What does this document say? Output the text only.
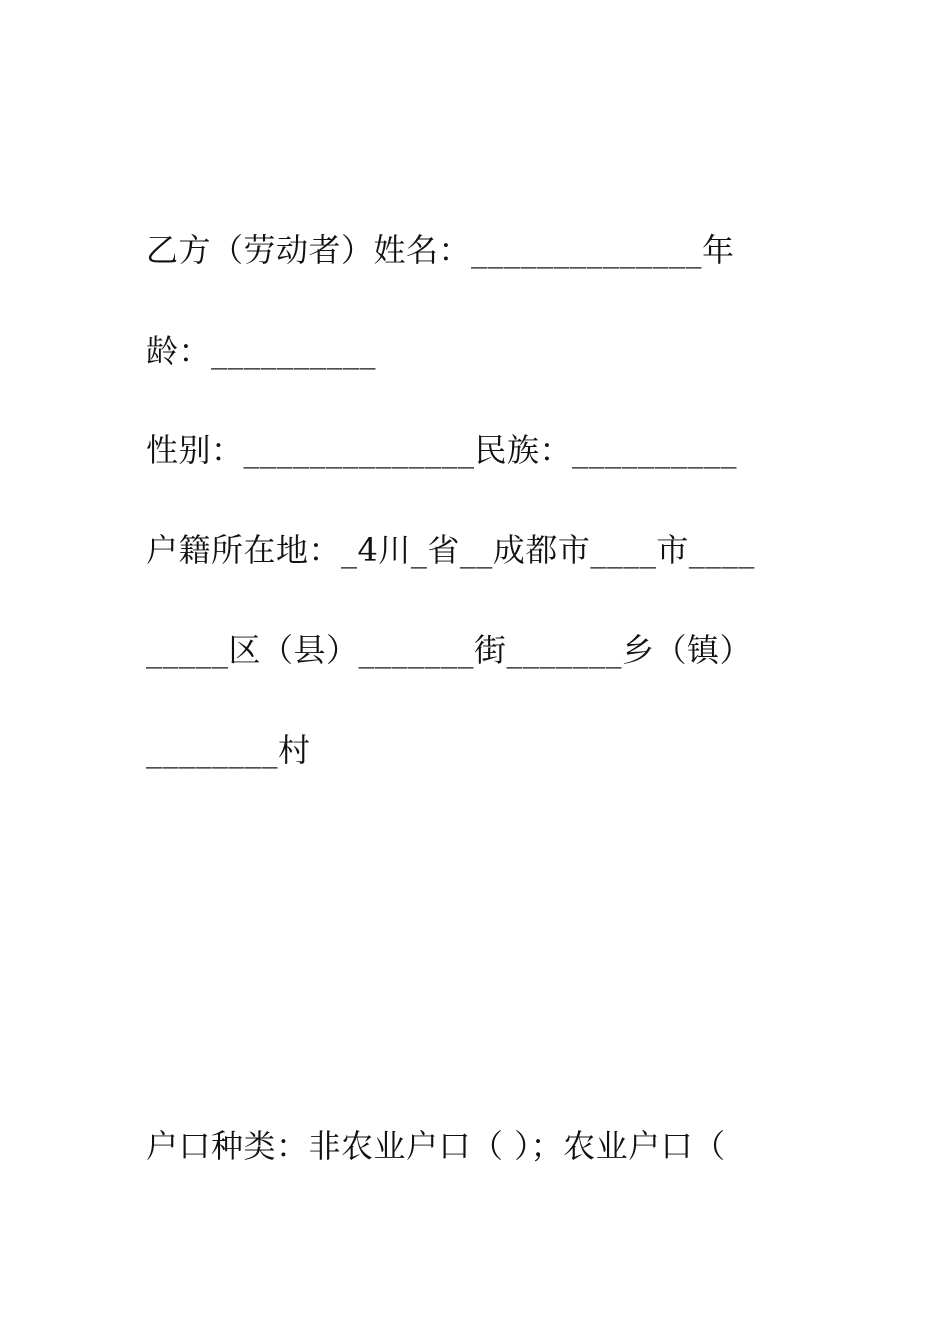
乙方（劳动者）姓名：______________年
龄：__________
性别：______________民族：__________
户籍所在地：_4川_省__成都市____市____
_____区（县）_______街_______乡（镇）
________村
户口种类：非农业户口（ ）；农业户口（
